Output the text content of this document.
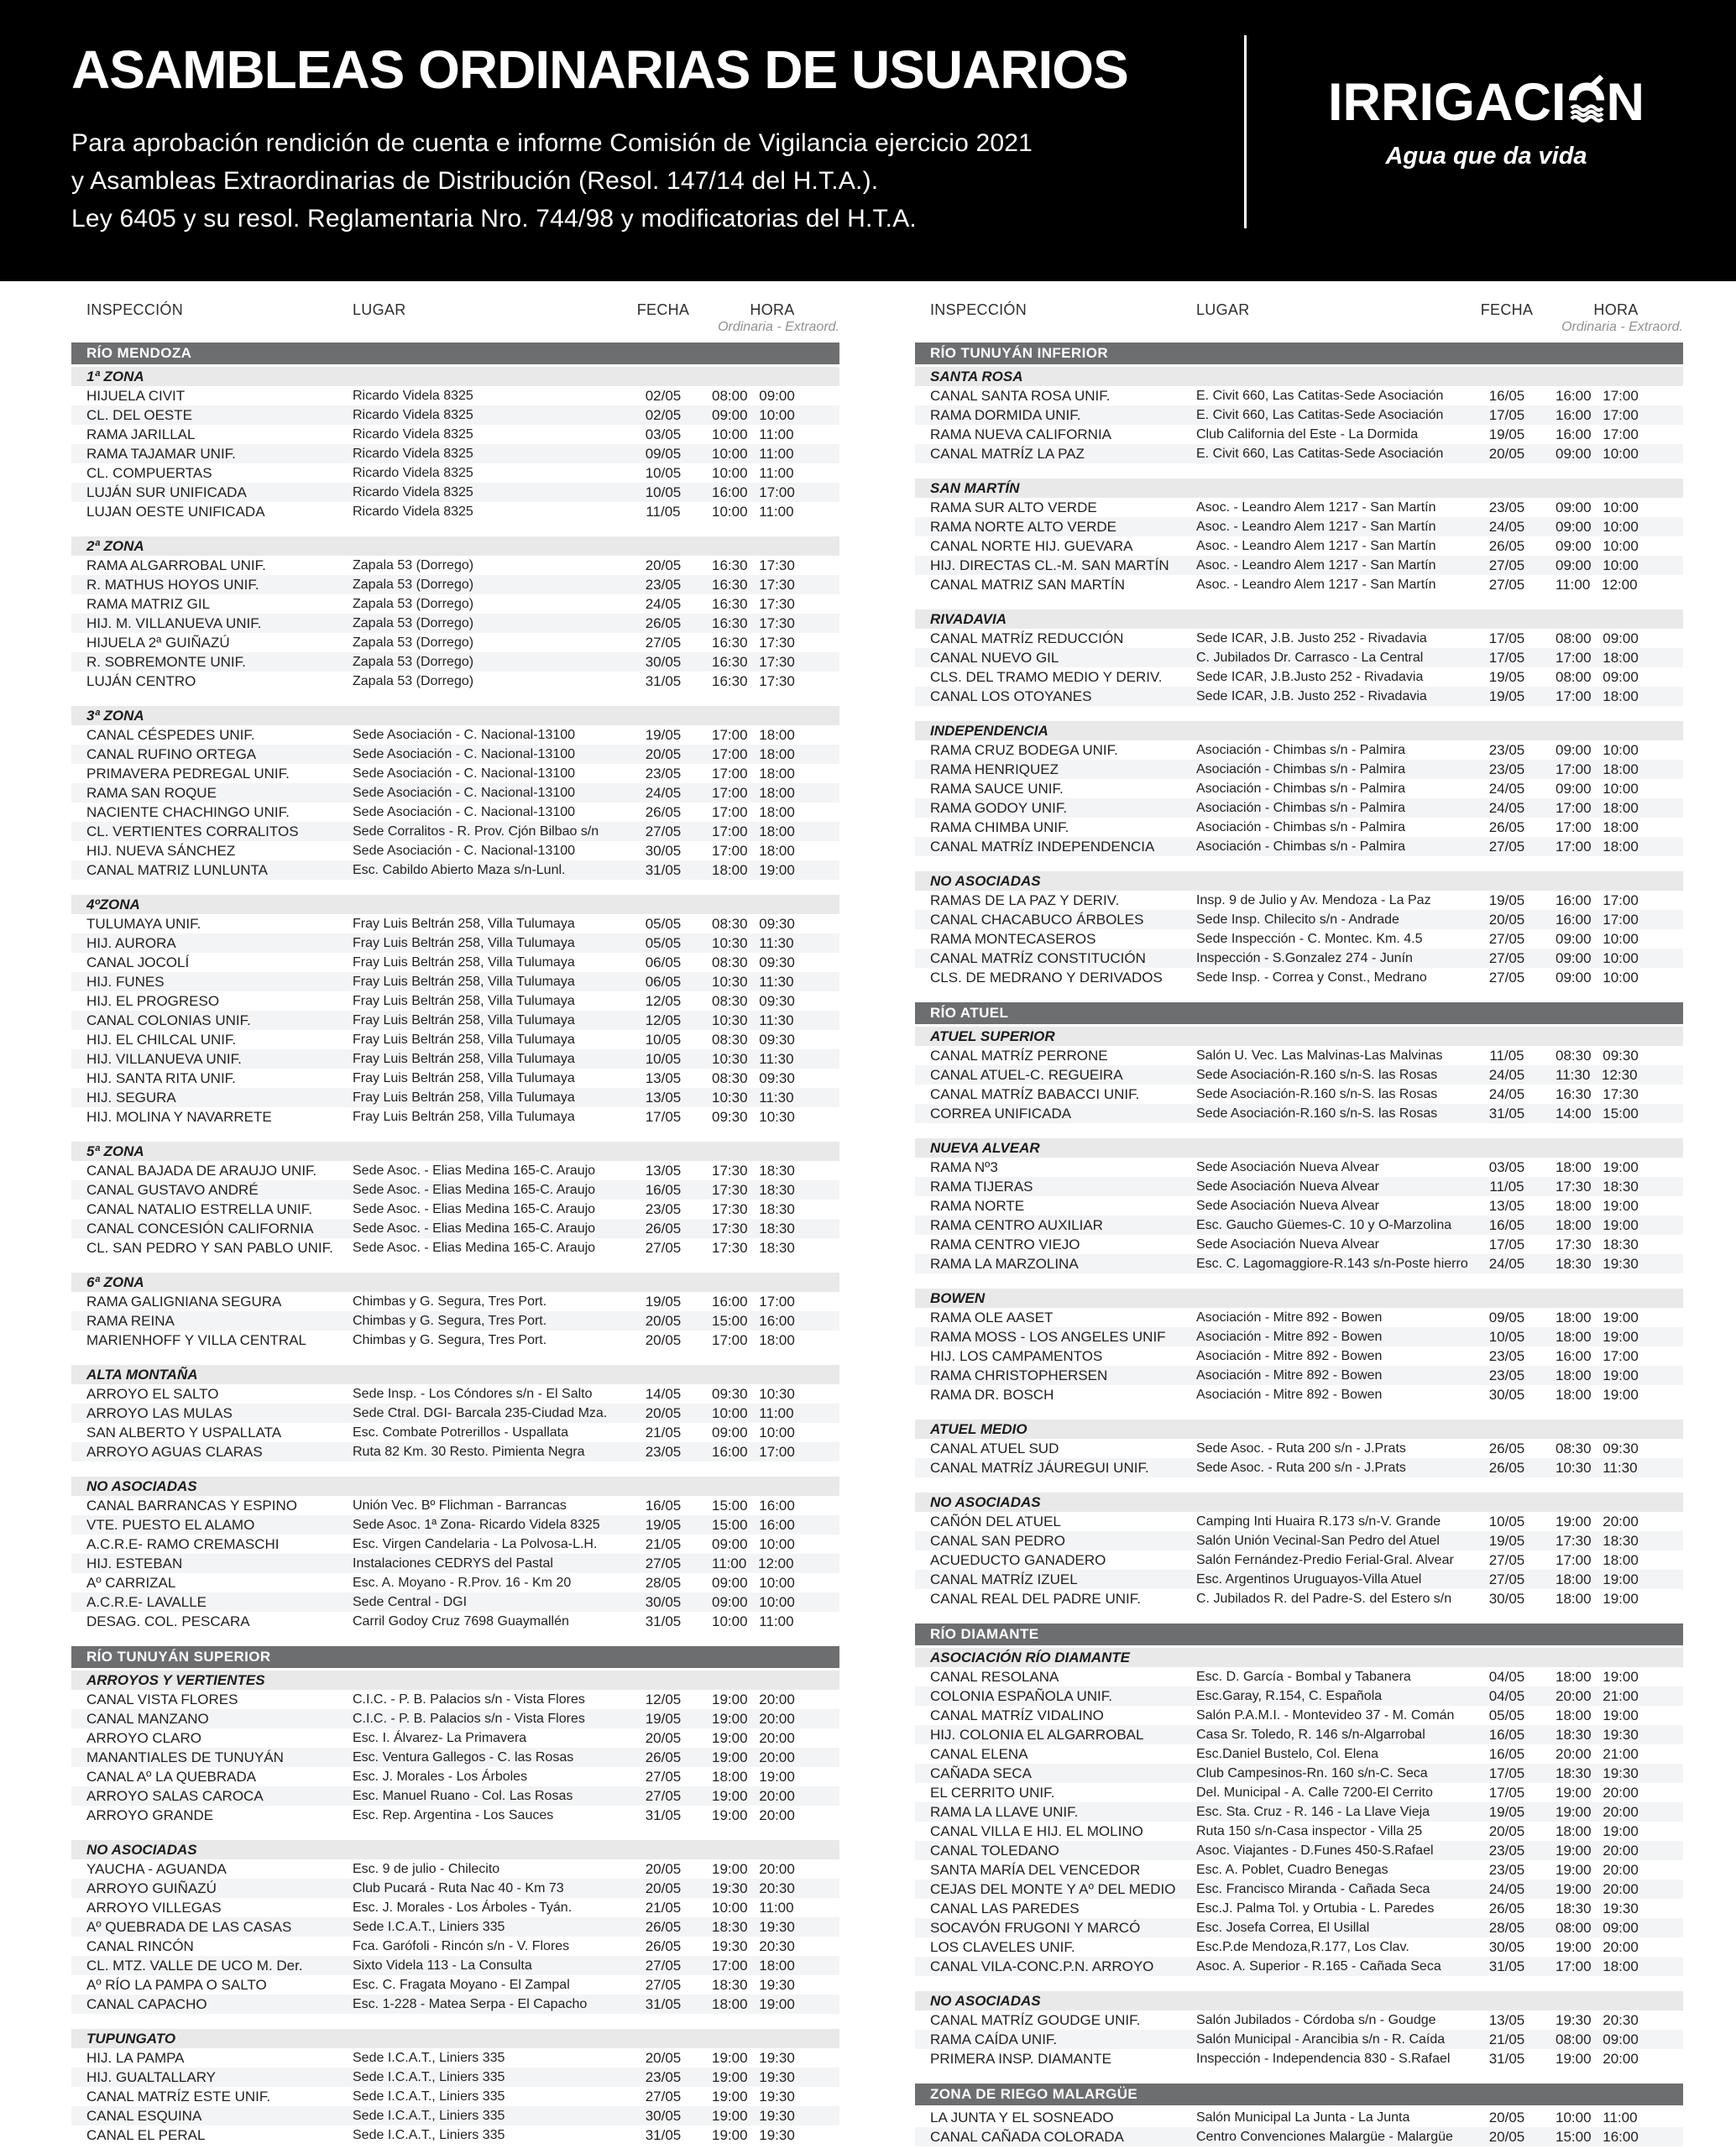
ASAMBLEAS ORDINARIAS DE USUARIOS
Para aprobación rendición de cuenta e informe Comisión de Vigilancia ejercicio 2021
y Asambleas Extraordinarias de Distribución (Resol. 147/14 del H.T.A.).
Ley 6405 y su resol. Reglamentaria Nro. 744/98 y modificatorias del H.T.A.
IRRIGACI N
Agua que da vida
INSPECCIÓN	LUGAR	FECHA	HORA
Ordinaria - Extraord.
RÍO MENDOZA
1ª ZONA
HIJUELA CIVIT	Ricardo Videla 8325	02/05	08:00 09:00
CL. DEL OESTE	Ricardo Videla 8325	02/05	09:00 10:00
RAMA JARILLAL	Ricardo Videla 8325	03/05	10:00 11:00
RAMA TAJAMAR UNIF.	Ricardo Videla 8325	09/05	10:00 11:00
CL. COMPUERTAS	Ricardo Videla 8325	10/05	10:00 11:00
LUJÁN SUR UNIFICADA	Ricardo Videla 8325	10/05	16:00 17:00
LUJAN OESTE UNIFICADA	Ricardo Videla 8325	11/05	10:00 11:00
2ª ZONA
RAMA ALGARROBAL UNIF.	Zapala 53 (Dorrego)	20/05	16:30 17:30
R. MATHUS HOYOS UNIF.	Zapala 53 (Dorrego)	23/05	16:30 17:30
RAMA MATRIZ GIL	Zapala 53 (Dorrego)	24/05	16:30 17:30
HIJ. M. VILLANUEVA UNIF.	Zapala 53 (Dorrego)	26/05	16:30 17:30
HIJUELA 2ª GUIÑAZÚ	Zapala 53 (Dorrego)	27/05	16:30 17:30
R. SOBREMONTE UNIF.	Zapala 53 (Dorrego)	30/05	16:30 17:30
LUJÁN CENTRO	Zapala 53 (Dorrego)	31/05	16:30 17:30
3ª ZONA
CANAL CÉSPEDES UNIF.	Sede Asociación - C. Nacional-13100	19/05	17:00 18:00
CANAL RUFINO ORTEGA	Sede Asociación - C. Nacional-13100	20/05	17:00 18:00
PRIMAVERA PEDREGAL UNIF.	Sede Asociación - C. Nacional-13100	23/05	17:00 18:00
RAMA SAN ROQUE	Sede Asociación - C. Nacional-13100	24/05	17:00 18:00
NACIENTE CHACHINGO UNIF.	Sede Asociación - C. Nacional-13100	26/05	17:00 18:00
CL. VERTIENTES CORRALITOS	Sede Corralitos - R. Prov. Cjón Bilbao s/n	27/05	17:00 18:00
HIJ. NUEVA SÁNCHEZ	Sede Asociación - C. Nacional-13100	30/05	17:00 18:00
CANAL MATRIZ LUNLUNTA	Esc. Cabildo Abierto Maza s/n-Lunl.	31/05	18:00 19:00
4ºZONA
TULUMAYA UNIF.	Fray Luis Beltrán 258, Villa Tulumaya	05/05	08:30 09:30
HIJ. AURORA	Fray Luis Beltrán 258, Villa Tulumaya	05/05	10:30 11:30
CANAL JOCOLÍ	Fray Luis Beltrán 258, Villa Tulumaya	06/05	08:30 09:30
HIJ. FUNES	Fray Luis Beltrán 258, Villa Tulumaya	06/05	10:30 11:30
HIJ. EL PROGRESO	Fray Luis Beltrán 258, Villa Tulumaya	12/05	08:30 09:30
CANAL COLONIAS UNIF.	Fray Luis Beltrán 258, Villa Tulumaya	12/05	10:30 11:30
HIJ. EL CHILCAL UNIF.	Fray Luis Beltrán 258, Villa Tulumaya	10/05	08:30 09:30
HIJ. VILLANUEVA UNIF.	Fray Luis Beltrán 258, Villa Tulumaya	10/05	10:30 11:30
HIJ. SANTA RITA UNIF.	Fray Luis Beltrán 258, Villa Tulumaya	13/05	08:30 09:30
HIJ. SEGURA	Fray Luis Beltrán 258, Villa Tulumaya	13/05	10:30 11:30
HIJ. MOLINA Y NAVARRETE	Fray Luis Beltrán 258, Villa Tulumaya	17/05	09:30 10:30
5ª ZONA
CANAL BAJADA DE ARAUJO UNIF.	Sede Asoc. - Elias Medina 165-C. Araujo	13/05	17:30 18:30
CANAL GUSTAVO ANDRÉ	Sede Asoc. - Elias Medina 165-C. Araujo	16/05	17:30 18:30
CANAL NATALIO ESTRELLA UNIF.	Sede Asoc. - Elias Medina 165-C. Araujo	23/05	17:30 18:30
CANAL CONCESIÓN CALIFORNIA	Sede Asoc. - Elias Medina 165-C. Araujo	26/05	17:30 18:30
CL. SAN PEDRO Y SAN PABLO UNIF.	Sede Asoc. - Elias Medina 165-C. Araujo	27/05	17:30 18:30
6ª ZONA
RAMA GALIGNIANA SEGURA	Chimbas y G. Segura, Tres Port.	19/05	16:00 17:00
RAMA REINA	Chimbas y G. Segura, Tres Port.	20/05	15:00 16:00
MARIENHOFF Y VILLA CENTRAL	Chimbas y G. Segura, Tres Port.	20/05	17:00 18:00
ALTA MONTAÑA
ARROYO EL SALTO	Sede Insp. - Los Cóndores s/n - El Salto	14/05	09:30 10:30
ARROYO LAS MULAS	Sede Ctral. DGI- Barcala 235-Ciudad Mza.	20/05	10:00 11:00
SAN ALBERTO Y USPALLATA	Esc. Combate Potrerillos - Uspallata	21/05	09:00 10:00
ARROYO AGUAS CLARAS	Ruta 82 Km. 30 Resto. Pimienta Negra	23/05	16:00 17:00
NO ASOCIADAS
CANAL BARRANCAS Y ESPINO	Unión Vec. Bº Flichman - Barrancas	16/05	15:00 16:00
VTE. PUESTO EL ALAMO	Sede Asoc. 1ª Zona- Ricardo Videla 8325	19/05	15:00 16:00
A.C.R.E- RAMO CREMASCHI	Esc. Virgen Candelaria - La Polvosa-L.H.	21/05	09:00 10:00
HIJ. ESTEBAN	Instalaciones CEDRYS del Pastal	27/05	11:00 12:00
Aº CARRIZAL	Esc. A. Moyano - R.Prov. 16 - Km 20	28/05	09:00 10:00
A.C.R.E- LAVALLE	Sede Central - DGI	30/05	09:00 10:00
DESAG. COL. PESCARA	Carril Godoy Cruz 7698 Guaymallén	31/05	10:00 11:00
RÍO TUNUYÁN SUPERIOR
ARROYOS Y VERTIENTES
CANAL VISTA FLORES	C.I.C. - P. B. Palacios s/n - Vista Flores	12/05	19:00 20:00
CANAL MANZANO	C.I.C. - P. B. Palacios s/n - Vista Flores	19/05	19:00 20:00
ARROYO CLARO	Esc. I. Álvarez- La Primavera	20/05	19:00 20:00
MANANTIALES DE TUNUYÁN	Esc. Ventura Gallegos - C. las Rosas	26/05	19:00 20:00
CANAL Aº LA QUEBRADA	Esc. J. Morales - Los Árboles	27/05	18:00 19:00
ARROYO SALAS CAROCA	Esc. Manuel Ruano - Col. Las Rosas	27/05	19:00 20:00
ARROYO GRANDE	Esc. Rep. Argentina - Los Sauces	31/05	19:00 20:00
NO ASOCIADAS
YAUCHA - AGUANDA	Esc. 9 de julio - Chilecito	20/05	19:00 20:00
ARROYO GUIÑAZÚ	Club Pucará - Ruta Nac 40 - Km 73	20/05	19:30 20:30
ARROYO VILLEGAS	Esc. J. Morales - Los Árboles - Tyán.	21/05	10:00 11:00
Aº QUEBRADA DE LAS CASAS	Sede I.C.A.T., Liniers 335	26/05	18:30 19:30
CANAL RINCÓN	Fca. Garófoli - Rincón s/n - V. Flores	26/05	19:30 20:30
CL. MTZ. VALLE DE UCO M. Der.	Sixto Videla 113 - La Consulta	27/05	17:00 18:00
Aº RÍO LA PAMPA O SALTO	Esc. C. Fragata Moyano - El Zampal	27/05	18:30 19:30
CANAL CAPACHO	Esc. 1-228 - Matea Serpa - El Capacho	31/05	18:00 19:00
TUPUNGATO
HIJ. LA PAMPA	Sede I.C.A.T., Liniers 335	20/05	19:00 19:30
HIJ. GUALTALLARY	Sede I.C.A.T., Liniers 335	23/05	19:00 19:30
CANAL MATRÍZ ESTE UNIF.	Sede I.C.A.T., Liniers 335	27/05	19:00 19:30
CANAL ESQUINA	Sede I.C.A.T., Liniers 335	30/05	19:00 19:30
CANAL EL PERAL	Sede I.C.A.T., Liniers 335	31/05	19:00 19:30
INSPECCIÓN	LUGAR	FECHA	HORA
Ordinaria - Extraord.
RÍO TUNUYÁN INFERIOR
SANTA ROSA
CANAL SANTA ROSA UNIF.	E. Civit 660, Las Catitas-Sede Asociación	16/05	16:00 17:00
RAMA DORMIDA UNIF.	E. Civit 660, Las Catitas-Sede Asociación	17/05	16:00 17:00
RAMA NUEVA CALIFORNIA	Club California del Este - La Dormida	19/05	16:00 17:00
CANAL MATRÍZ LA PAZ	E. Civit 660, Las Catitas-Sede Asociación	20/05	09:00 10:00
SAN MARTÍN
RAMA SUR ALTO VERDE	Asoc. - Leandro Alem 1217 - San Martín	23/05	09:00 10:00
RAMA NORTE ALTO VERDE	Asoc. - Leandro Alem 1217 - San Martín	24/05	09:00 10:00
CANAL NORTE HIJ. GUEVARA	Asoc. - Leandro Alem 1217 - San Martín	26/05	09:00 10:00
HIJ. DIRECTAS CL.-M. SAN MARTÍN	Asoc. - Leandro Alem 1217 - San Martín	27/05	09:00 10:00
CANAL MATRIZ SAN MARTÍN	Asoc. - Leandro Alem 1217 - San Martín	27/05	11:00 12:00
RIVADAVIA
CANAL MATRÍZ REDUCCIÓN	Sede ICAR, J.B. Justo 252 - Rivadavia	17/05	08:00 09:00
CANAL NUEVO GIL	C. Jubilados Dr. Carrasco - La Central	17/05	17:00 18:00
CLS. DEL TRAMO MEDIO Y DERIV.	Sede ICAR, J.B.Justo 252 - Rivadavia	19/05	08:00 09:00
CANAL LOS OTOYANES	Sede ICAR, J.B. Justo 252 - Rivadavia	19/05	17:00 18:00
INDEPENDENCIA
RAMA CRUZ BODEGA UNIF.	Asociación - Chimbas s/n - Palmira	23/05	09:00 10:00
RAMA HENRIQUEZ	Asociación - Chimbas s/n - Palmira	23/05	17:00 18:00
RAMA SAUCE UNIF.	Asociación - Chimbas s/n - Palmira	24/05	09:00 10:00
RAMA GODOY UNIF.	Asociación - Chimbas s/n - Palmira	24/05	17:00 18:00
RAMA CHIMBA UNIF.	Asociación - Chimbas s/n - Palmira	26/05	17:00 18:00
CANAL MATRÍZ INDEPENDENCIA	Asociación - Chimbas s/n - Palmira	27/05	17:00 18:00
NO ASOCIADAS
RAMAS DE LA PAZ Y DERIV.	Insp. 9 de Julio y Av. Mendoza - La Paz	19/05	16:00 17:00
CANAL CHACABUCO ÁRBOLES	Sede Insp. Chilecito s/n - Andrade	20/05	16:00 17:00
RAMA MONTECASEROS	Sede Inspección - C. Montec. Km. 4.5	27/05	09:00 10:00
CANAL MATRÍZ CONSTITUCIÓN	Inspección - S.Gonzalez 274 - Junín	27/05	09:00 10:00
CLS. DE MEDRANO Y DERIVADOS	Sede Insp. - Correa y Const., Medrano	27/05	09:00 10:00
RÍO ATUEL
ATUEL SUPERIOR
CANAL MATRÍZ PERRONE	Salón U. Vec. Las Malvinas-Las Malvinas	11/05	08:30 09:30
CANAL ATUEL-C. REGUEIRA	Sede Asociación-R.160 s/n-S. las Rosas	24/05	11:30 12:30
CANAL MATRÍZ BABACCI UNIF.	Sede Asociación-R.160 s/n-S. las Rosas	24/05	16:30 17:30
CORREA UNIFICADA	Sede Asociación-R.160 s/n-S. las Rosas	31/05	14:00 15:00
NUEVA ALVEAR
RAMA Nº3	Sede Asociación Nueva Alvear	03/05	18:00 19:00
RAMA TIJERAS	Sede Asociación Nueva Alvear	11/05	17:30 18:30
RAMA NORTE	Sede Asociación Nueva Alvear	13/05	18:00 19:00
RAMA CENTRO AUXILIAR	Esc. Gaucho Güemes-C. 10 y O-Marzolina	16/05	18:00 19:00
RAMA CENTRO VIEJO	Sede Asociación Nueva Alvear	17/05	17:30 18:30
RAMA LA MARZOLINA	Esc. C. Lagomaggiore-R.143 s/n-Poste hierro	24/05	18:30 19:30
BOWEN
RAMA OLE AASET	Asociación - Mitre 892 - Bowen	09/05	18:00 19:00
RAMA MOSS - LOS ANGELES UNIF	Asociación - Mitre 892 - Bowen	10/05	18:00 19:00
HIJ. LOS CAMPAMENTOS	Asociación - Mitre 892 - Bowen	23/05	16:00 17:00
RAMA CHRISTOPHERSEN	Asociación - Mitre 892 - Bowen	23/05	18:00 19:00
RAMA DR. BOSCH	Asociación - Mitre 892 - Bowen	30/05	18:00 19:00
ATUEL MEDIO
CANAL ATUEL SUD	Sede Asoc. - Ruta 200 s/n - J.Prats	26/05	08:30 09:30
CANAL MATRÍZ JÁUREGUI UNIF.	Sede Asoc. - Ruta 200 s/n - J.Prats	26/05	10:30 11:30
NO ASOCIADAS
CAÑÓN DEL ATUEL	Camping Inti Huaira R.173 s/n-V. Grande	10/05	19:00 20:00
CANAL SAN PEDRO	Salón Unión Vecinal-San Pedro del Atuel	19/05	17:30 18:30
ACUEDUCTO GANADERO	Salón Fernández-Predio Ferial-Gral. Alvear	27/05	17:00 18:00
CANAL MATRÍZ IZUEL	Esc. Argentinos Uruguayos-Villa Atuel	27/05	18:00 19:00
CANAL REAL DEL PADRE UNIF.	C. Jubilados R. del Padre-S. del Estero s/n	30/05	18:00 19:00
RÍO DIAMANTE
ASOCIACIÓN RÍO DIAMANTE
CANAL RESOLANA	Esc. D. García - Bombal y Tabanera	04/05	18:00 19:00
COLONIA ESPAÑOLA UNIF.	Esc.Garay, R.154, C. Española	04/05	20:00 21:00
CANAL MATRÍZ VIDALINO	Salón P.A.M.I. - Montevideo 37 - M. Comán	05/05	18:00 19:00
HIJ. COLONIA EL ALGARROBAL	Casa Sr. Toledo, R. 146 s/n-Algarrobal	16/05	18:30 19:30
CANAL ELENA	Esc.Daniel Bustelo, Col. Elena	16/05	20:00 21:00
CAÑADA SECA	Club Campesinos-Rn. 160 s/n-C. Seca	17/05	18:30 19:30
EL CERRITO UNIF.	Del. Municipal - A. Calle 7200-El Cerrito	17/05	19:00 20:00
RAMA LA LLAVE UNIF.	Esc. Sta. Cruz - R. 146 - La Llave Vieja	19/05	19:00 20:00
CANAL VILLA E HIJ. EL MOLINO	Ruta 150 s/n-Casa inspector - Villa 25	20/05	18:00 19:00
CANAL TOLEDANO	Asoc. Viajantes - D.Funes 450-S.Rafael	23/05	19:00 20:00
SANTA MARÍA DEL VENCEDOR	Esc. A. Poblet, Cuadro Benegas	23/05	19:00 20:00
CEJAS DEL MONTE Y Aº DEL MEDIO	Esc. Francisco Miranda - Cañada Seca	24/05	19:00 20:00
CANAL LAS PAREDES	Esc.J. Palma Tol. y Ortubia - L. Paredes	26/05	18:30 19:30
SOCAVÓN FRUGONI Y MARCÓ	Esc. Josefa Correa, El Usillal	28/05	08:00 09:00
LOS CLAVELES UNIF.	Esc.P.de Mendoza,R.177, Los Clav.	30/05	19:00 20:00
CANAL VILA-CONC.P.N. ARROYO	Asoc. A. Superior - R.165 - Cañada Seca	31/05	17:00 18:00
NO ASOCIADAS
CANAL MATRÍZ GOUDGE UNIF.	Salón Jubilados - Córdoba s/n - Goudge	13/05	19:30 20:30
RAMA CAÍDA UNIF.	Salón Municipal - Arancibia s/n - R. Caída	21/05	08:00 09:00
PRIMERA INSP. DIAMANTE	Inspección - Independencia 830 - S.Rafael	31/05	19:00 20:00
ZONA DE RIEGO MALARGÜE
LA JUNTA Y EL SOSNEADO	Salón Municipal La Junta - La Junta	20/05	10:00 11:00
CANAL CAÑADA COLORADA	Centro Convenciones Malargüe - Malargüe	20/05	15:00 16:00
